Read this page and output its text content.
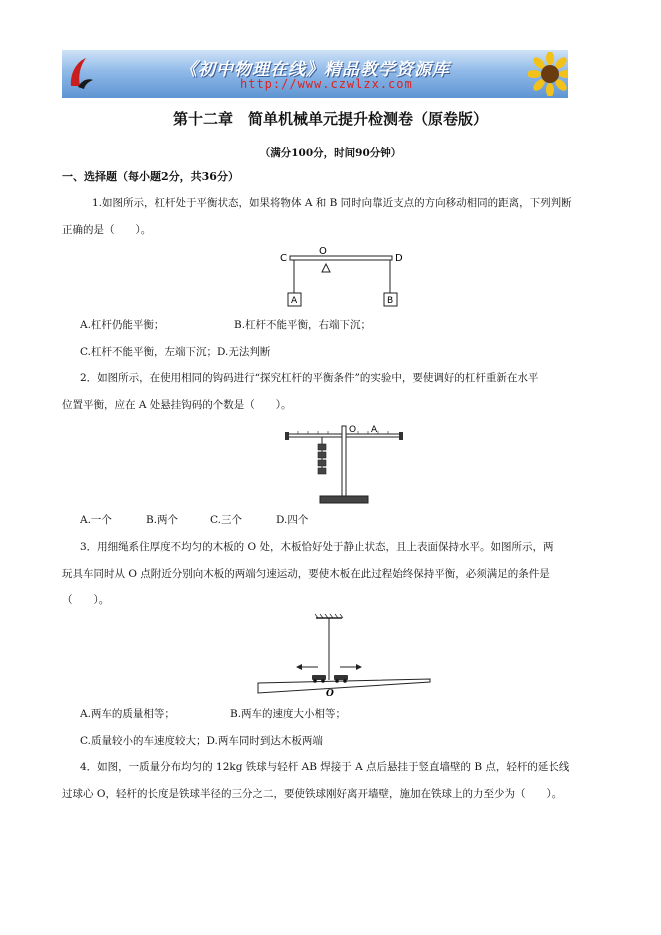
《初中物理在线》精品教学资源库
http://www.czwlzx.com
第十二章　简单机械单元提升检测卷（原卷版）
（满分100分，时间90分钟）
一、选择题（每小题2分，共36分）
1.如图所示，杠杆处于平衡状态，如果将物体 A 和 B 同时向靠近支点的方向移动相同的距离，下列判断
正确的是（　　）。
C
O
D
A	B
A.杠杆仍能平衡；	B.杠杆不能平衡，右端下沉；
C.杠杆不能平衡，左端下沉；D.无法判断
2．如图所示，在使用相同的钩码进行“探究杠杆的平衡条件”的实验中，要使调好的杠杆重新在水平
位置平衡，应在 A 处悬挂钩码的个数是（　　）。
O A
A.一个	B.两个	C.三个	D.四个
3．用细绳系住厚度不均匀的木板的 O 处，木板恰好处于静止状态，且上表面保持水平。如图所示，两
玩具车同时从 O 点附近分别向木板的两端匀速运动，要使木板在此过程始终保持平衡，必须满足的条件是
（　　）。
O
A.两车的质量相等；	B.两车的速度大小相等；
C.质量较小的车速度较大；D.两车同时到达木板两端
4．如图，一质量分布均匀的 12kg 铁球与轻杆 AB 焊接于 A 点后悬挂于竖直墙壁的 B 点，轻杆的延长线
过球心 O，轻杆的长度是铁球半径的三分之二，要使铁球刚好离开墙壁，施加在铁球上的力至少为（　　）。
